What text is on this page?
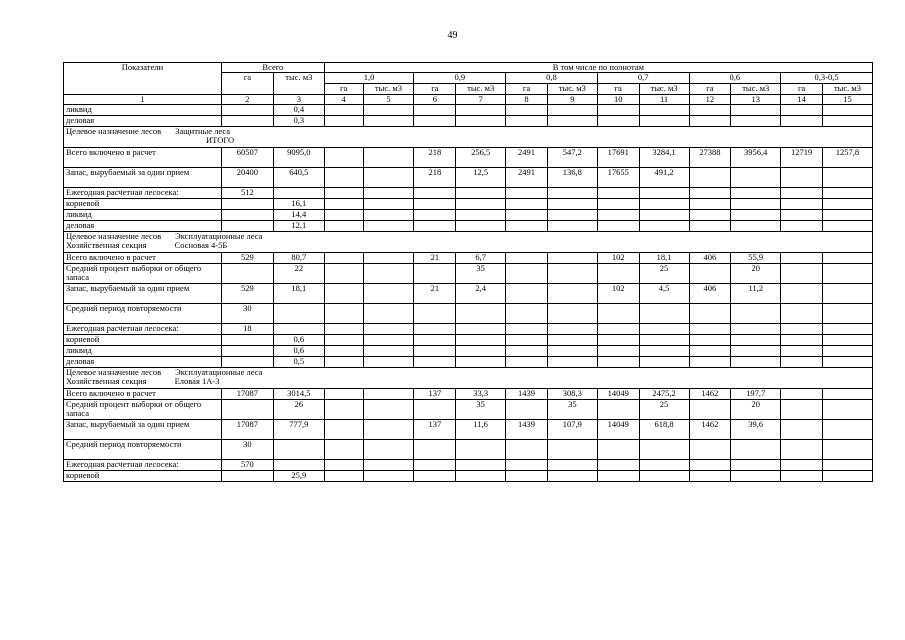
49
Показатели	Всего		В том числе по полнотам											
	га	тыс. м3	1,0		0,9		0,8		0,7		0,6		0,3-0,5	
			га	тыс. м3	га	тыс. м3	га	тыс. м3	га	тыс. м3	га	тыс. м3	га	тыс. м3
1	2	3	4	5	6	7	8	9	10	11	12	13	14	15
ликвид		0,4												
деловая		0,3												

Целевое назначение лесов Защитные леса
ИТОГО														

Всего включено в расчет	60507	9095,0			218	256,5	2491	547,2	17691	3284,1	27388	3956,4	12719	1257,8
Запас, вырубаемый за один прием	20400	640,5			218	12,5	2491	136,8	17655	491,2				
Ежегодная расчетная лесосека:	512													
корневой		16,1												
ликвид		14,4												
деловая		12,1												

Целевое назначение лесов Эксплуатационные леса
Хозяйственная секция Сосновая 4-5Б														

Всего включено в расчет	529	80,7			21	6,7			102	18,1	406	55,9		
Средний процент выборки от общего запаса		22				35				25		20		
Запас, вырубаемый за один прием	529	18,1			21	2,4			102	4,5	406	11,2		
Средний период повторяемости	30													
Ежегодная расчетная лесосека:	18													
корневой		0,6												
ликвид		0,6												
деловая		0,5												

Целевое назначение лесов Эксплуатационные леса
Хозяйственная секция Еловая 1А-3														

Всего включено в расчет	17087	3014,5			137	33,3	1439	308,3	14049	2475,2	1462	197,7		
Средний процент выборки от общего запаса		26				35		35		25		20		
Запас, вырубаемый за один прием	17087	777,9			137	11,6	1439	107,9	14049	618,8	1462	39,6		
Средний период повторяемости	30													
Ежегодная расчетная лесосека:	570													
корневой		25,9												
